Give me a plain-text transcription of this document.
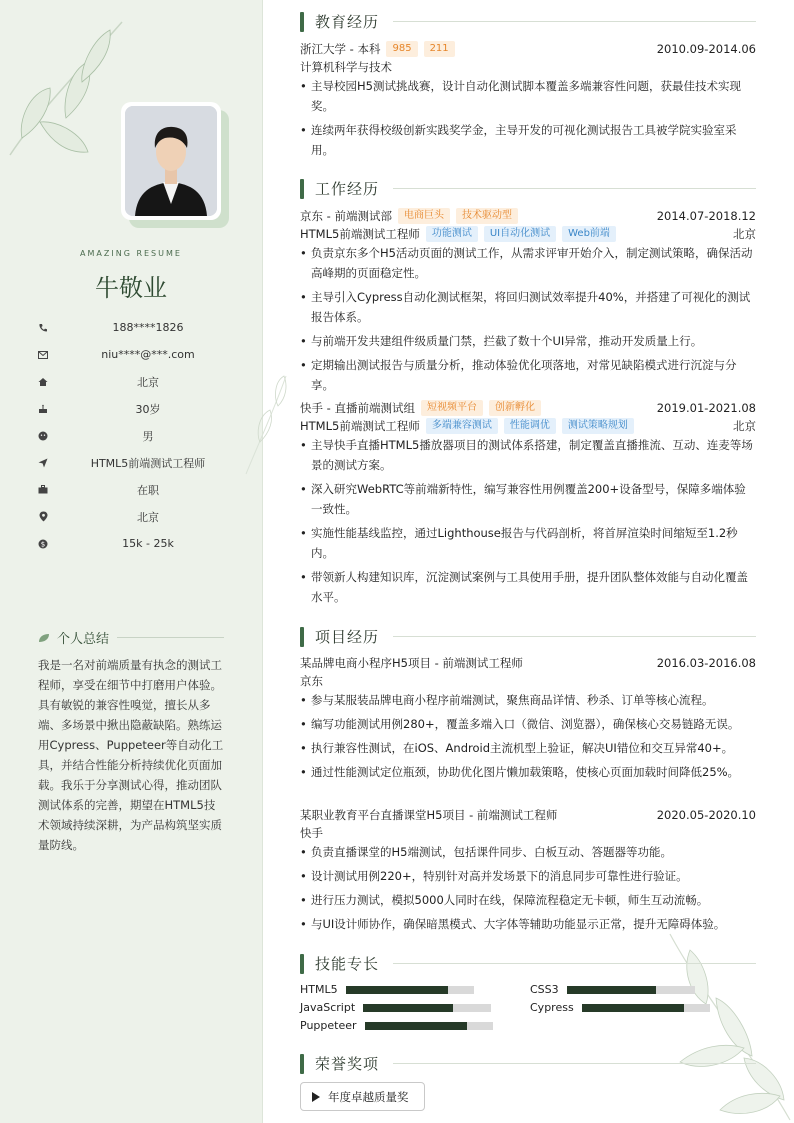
AMAZING RESUME
牛敬业
188****1826
niu****@***.com
北京
30岁
男
HTML5前端测试工程师
在职
北京
$	15k - 25k
个人总结
我是一名对前端质量有执念的测试工程师，享受在细节中打磨用户体验。具有敏锐的兼容性嗅觉，擅长从多端、多场景中揪出隐蔽缺陷。熟练运用Cypress、Puppeteer等自动化工具，并结合性能分析持续优化页面加载。我乐于分享测试心得，推动团队测试体系的完善，期望在HTML5技术领域持续深耕，为产品构筑坚实质量防线。
教育经历
浙江大学 - 本科	985	211	2010.09-2014.06
计算机科学与技术
• 主导校园H5测试挑战赛，设计自动化测试脚本覆盖多端兼容性问题，获最佳技术实现奖。
• 连续两年获得校级创新实践奖学金，主导开发的可视化测试报告工具被学院实验室采用。
工作经历
京东 - 前端测试部	电商巨头	技术驱动型	2014.07-2018.12
HTML5前端测试工程师	功能测试	UI自动化测试	Web前端	北京
• 负责京东多个H5活动页面的测试工作，从需求评审开始介入，制定测试策略，确保活动高峰期的页面稳定性。
• 主导引入Cypress自动化测试框架，将回归测试效率提升40%，并搭建了可视化的测试报告体系。
• 与前端开发共建组件级质量门禁，拦截了数十个UI异常，推动开发质量上行。
• 定期输出测试报告与质量分析，推动体验优化项落地，对常见缺陷模式进行沉淀与分享。
快手 - 直播前端测试组	短视频平台	创新孵化	2019.01-2021.08
HTML5前端测试工程师	多端兼容测试	性能调优	测试策略规划	北京
• 主导快手直播HTML5播放器项目的测试体系搭建，制定覆盖直播推流、互动、连麦等场景的测试方案。
• 深入研究WebRTC等前端新特性，编写兼容性用例覆盖200+设备型号，保障多端体验一致性。
• 实施性能基线监控，通过Lighthouse报告与代码剖析，将首屏渲染时间缩短至1.2秒内。
• 带领新人构建知识库，沉淀测试案例与工具使用手册，提升团队整体效能与自动化覆盖水平。
项目经历
某品牌电商小程序H5项目 - 前端测试工程师	2016.03-2016.08
京东
• 参与某服装品牌电商小程序前端测试，聚焦商品详情、秒杀、订单等核心流程。
• 编写功能测试用例280+，覆盖多端入口（微信、浏览器），确保核心交易链路无误。
• 执行兼容性测试，在iOS、Android主流机型上验证，解决UI错位和交互异常40+。
• 通过性能测试定位瓶颈，协助优化图片懒加载策略，使核心页面加载时间降低25%。
某职业教育平台直播课堂H5项目 - 前端测试工程师	2020.05-2020.10
快手
• 负责直播课堂的H5端测试，包括课件同步、白板互动、答题器等功能。
• 设计测试用例220+，特别针对高并发场景下的消息同步可靠性进行验证。
• 进行压力测试，模拟5000人同时在线，保障流程稳定无卡顿，师生互动流畅。
• 与UI设计师协作，确保暗黑模式、大字体等辅助功能显示正常，提升无障碍体验。
技能专长
HTML5	CSS3
JavaScript	Cypress
Puppeteer
荣誉奖项
年度卓越质量奖
